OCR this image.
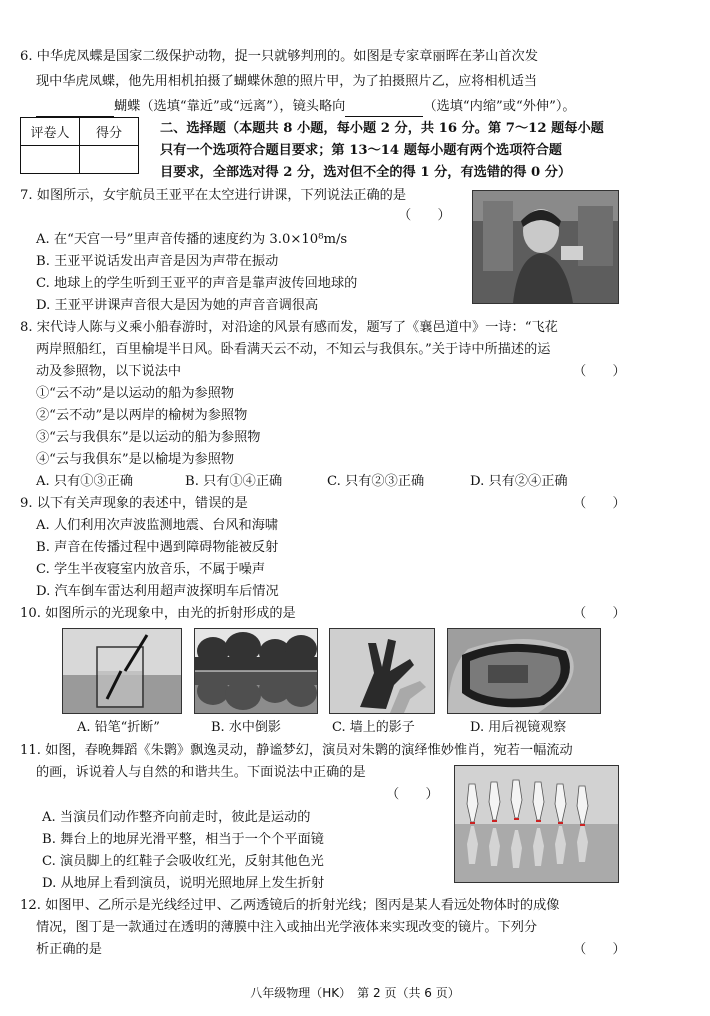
6. 中华虎凤蝶是国家二级保护动物，捉一只就够判刑的。如图是专家章丽晖在茅山首次发
现中华虎凤蝶，他先用相机拍摄了蝴蝶休憩的照片甲，为了拍摄照片乙，应将相机适当
蝴蝶（选填“靠近”或“远离”），镜头略向	（选填“内缩”或“外伸”）。
评卷人	得分
		二、选择题（本题共 8 小题，每小题 2 分，共 16 分。第 7～12 题每小题
只有一个选项符合题目要求；第 13～14 题每小题有两个选项符合题
目要求，全部选对得 2 分，选对但不全的得 1 分，有选错的得 0 分）
7. 如图所示，女宇航员王亚平在太空进行讲课，下列说法正确的是
（　　）
A. 在“天宫一号”里声音传播的速度约为 3.0×10⁸m/s
B. 王亚平说话发出声音是因为声带在振动
C. 地球上的学生听到王亚平的声音是靠声波传回地球的
D. 王亚平讲课声音很大是因为她的声音音调很高
8. 宋代诗人陈与义乘小船春游时，对沿途的风景有感而发，题写了《襄邑道中》一诗：“飞花
两岸照船红，百里榆堤半日风。卧看满天云不动，不知云与我俱东。”关于诗中所描述的运
动及参照物，以下说法中	（　　）
①“云不动”是以运动的船为参照物
②“云不动”是以两岸的榆树为参照物
③“云与我俱东”是以运动的船为参照物
④“云与我俱东”是以榆堤为参照物
A. 只有①③正确	B. 只有①④正确	C. 只有②③正确	D. 只有②④正确
9. 以下有关声现象的表述中，错误的是	（　　）
A. 人们利用次声波监测地震、台风和海啸
B. 声音在传播过程中遇到障碍物能被反射
C. 学生半夜寝室内放音乐，不属于噪声
D. 汽车倒车雷达利用超声波探明车后情况
10. 如图所示的光现象中，由光的折射形成的是	（　　）
A. 铅笔“折断”	B. 水中倒影	C. 墙上的影子	D. 用后视镜观察
11. 如图，春晚舞蹈《朱鹮》飘逸灵动，静谧梦幻，演员对朱鹮的演绎惟妙惟肖，宛若一幅流动
的画，诉说着人与自然的和谐共生。下面说法中正确的是
（　　）
A. 当演员们动作整齐向前走时，彼此是运动的
B. 舞台上的地屏光滑平整，相当于一个个平面镜
C. 演员脚上的红鞋子会吸收红光，反射其他色光
D. 从地屏上看到演员，说明光照地屏上发生折射
12. 如图甲、乙所示是光线经过甲、乙两透镜后的折射光线；图丙是某人看远处物体时的成像
情况，图丁是一款通过在透明的薄膜中注入或抽出光学液体来实现改变的镜片。下列分
析正确的是	（　　）
八年级物理（HK）　第 2 页（共 6 页）
